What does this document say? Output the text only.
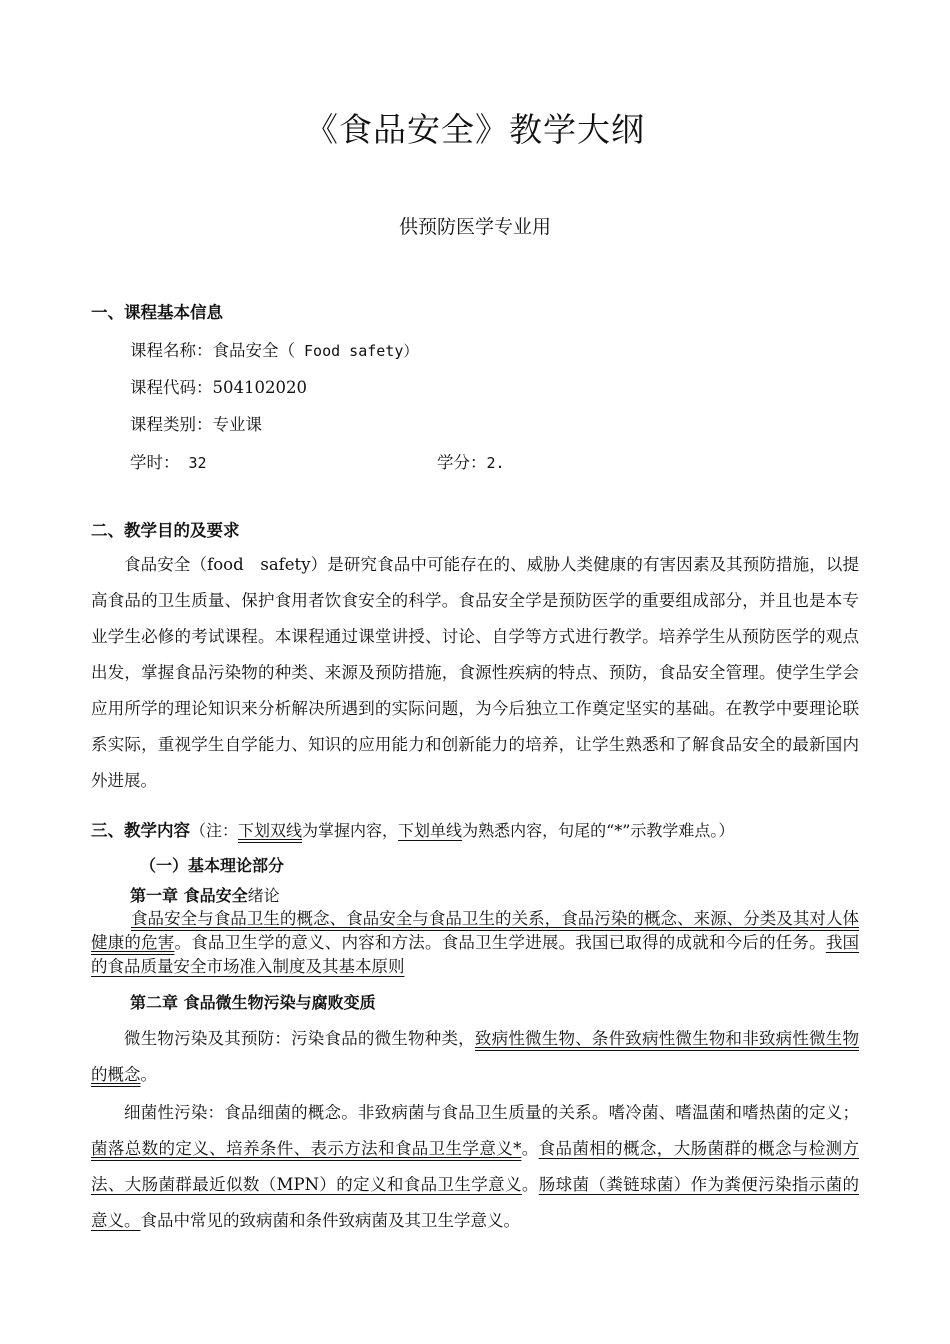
《食品安全》教学大纲
供预防医学专业用
一、课程基本信息
课程名称：食品安全（ Food safety）
课程代码：504102020
课程类别：专业课
学时： 32	学分：2.
二、教学目的及要求
食品安全（food　safety）是研究食品中可能存在的、威胁人类健康的有害因素及其预防措施，以提高食品的卫生质量、保护食用者饮食安全的科学。食品安全学是预防医学的重要组成部分，并且也是本专业学生必修的考试课程。本课程通过课堂讲授、讨论、自学等方式进行教学。培养学生从预防医学的观点出发，掌握食品污染物的种类、来源及预防措施，食源性疾病的特点、预防，食品安全管理。使学生学会应用所学的理论知识来分析解决所遇到的实际问题，为今后独立工作奠定坚实的基础。在教学中要理论联系实际，重视学生自学能力、知识的应用能力和创新能力的培养，让学生熟悉和了解食品安全的最新国内外进展。
三、教学内容（注：下划双线为掌握内容，下划单线为熟悉内容，句尾的“*”示教学难点。）
（一）基本理论部分
第一章 食品安全绪论
食品安全与食品卫生的概念、食品安全与食品卫生的关系，食品污染的概念、来源、分类及其对人体健康的危害。食品卫生学的意义、内容和方法。食品卫生学进展。我国已取得的成就和今后的任务。我国的食品质量安全市场准入制度及其基本原则
第二章 食品微生物污染与腐败变质
微生物污染及其预防：污染食品的微生物种类，致病性微生物、条件致病性微生物和非致病性微生物的概念。
细菌性污染：食品细菌的概念。非致病菌与食品卫生质量的关系。嗜冷菌、嗜温菌和嗜热菌的定义；菌落总数的定义、培养条件、表示方法和食品卫生学意义*。食品菌相的概念，大肠菌群的概念与检测方法、大肠菌群最近似数（MPN）的定义和食品卫生学意义。肠球菌（粪链球菌）作为粪便污染指示菌的意义。食品中常见的致病菌和条件致病菌及其卫生学意义。
